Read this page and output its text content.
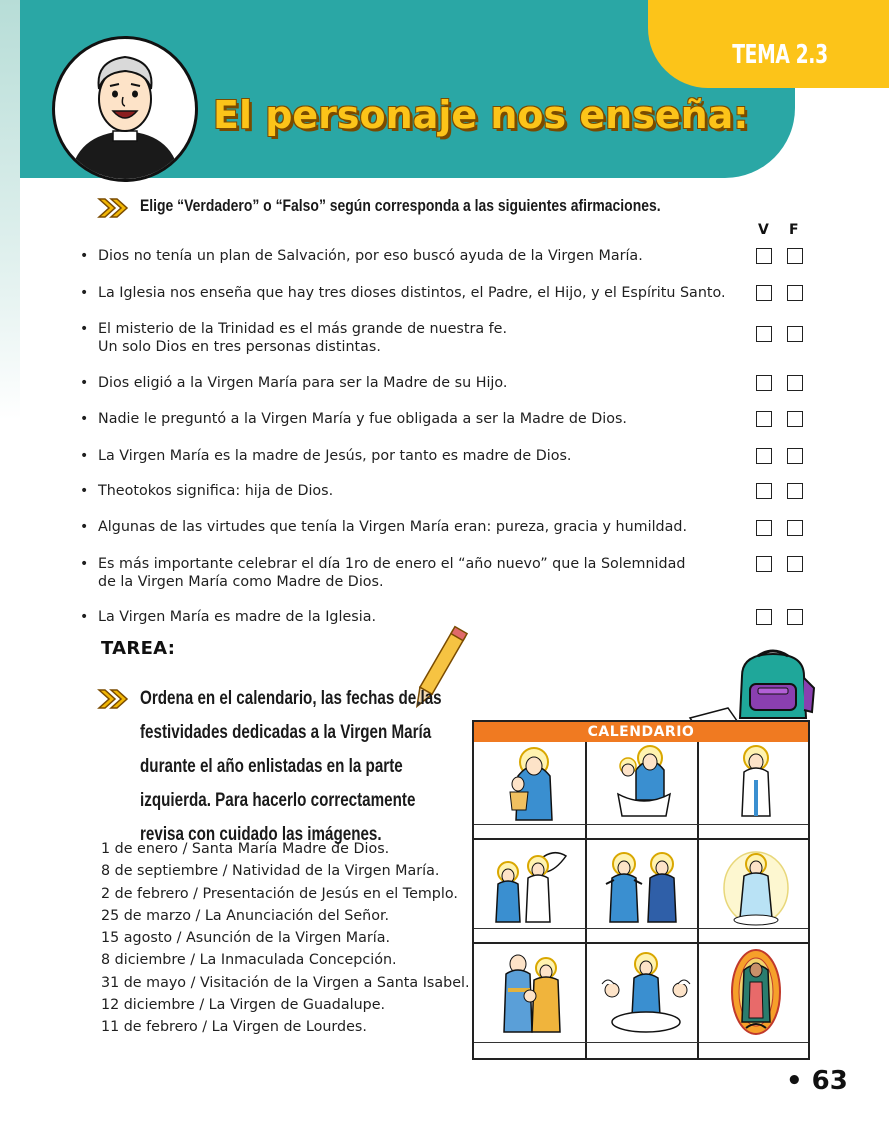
TEMA 2.3
El personaje nos enseña:
Elige “Verdadero” o “Falso” según corresponda a las siguientes afirmaciones.
V F
• Dios no tenía un plan de Salvación, por eso buscó ayuda de la Virgen María.
• La Iglesia nos enseña que hay tres dioses distintos, el Padre, el Hijo, y el Espíritu Santo.
• El misterio de la Trinidad es el más grande de nuestra fe.
Un solo Dios en tres personas distintas.
• Dios eligió a la Virgen María para ser la Madre de su Hijo.
• Nadie le preguntó a la Virgen María y fue obligada a ser la Madre de Dios.
• La Virgen María es la madre de Jesús, por tanto es madre de Dios.
• Theotokos significa: hija de Dios.
• Algunas de las virtudes que tenía la Virgen María eran: pureza, gracia y humildad.
• Es más importante celebrar el día 1ro de enero el “año nuevo” que la Solemnidad
de la Virgen María como Madre de Dios.
• La Virgen María es madre de la Iglesia.
TAREA:
Ordena en el calendario, las fechas de las festividades dedicadas a la Virgen María durante el año enlistadas en la parte izquierda. Para hacerlo correctamente revisa con cuidado las imágenes.
1 de enero / Santa María Madre de Dios.
8 de septiembre / Natividad de la Virgen María.
2 de febrero / Presentación de Jesús en el Templo.
25 de marzo / La Anunciación del Señor.
15 agosto / Asunción de la Virgen María.
8 diciembre / La Inmaculada Concepción.
31 de mayo / Visitación de la Virgen a Santa Isabel.
12 diciembre / La Virgen de Guadalupe.
11 de febrero / La Virgen de Lourdes.
CALENDARIO
• 63
